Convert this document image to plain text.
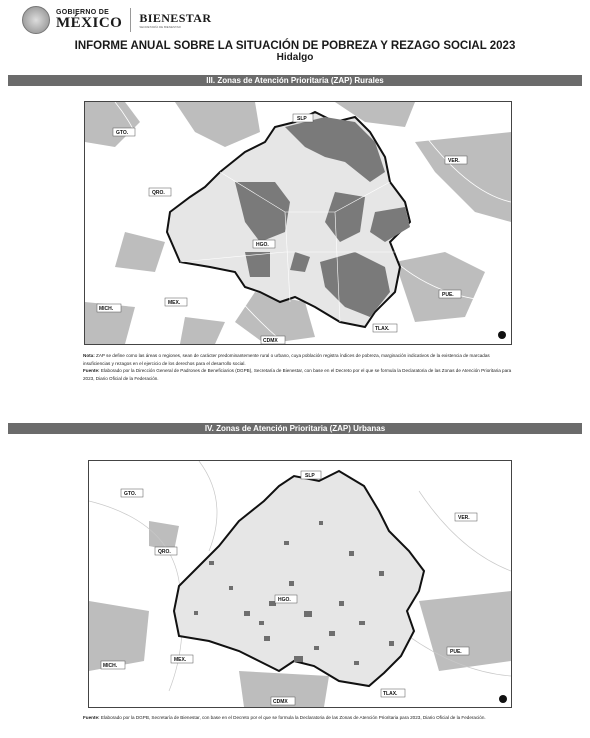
GOBIERNO DE
MÉXICO BIENESTAR
SECRETARÍA DE BIENESTAR
INFORME ANUAL SOBRE LA SITUACIÓN DE POBREZA Y REZAGO SOCIAL 2023
Hidalgo
III. Zonas de Atención Prioritaria (ZAP) Rurales
GTO.
SLP
VER.
QRO.
HGO.
MEX.
MICH.
PUE.
CDMX
TLAX.
Nota: ZAP se define como las áreas o regiones, sean de carácter predominantemente rural o urbano, cuya población registra índices de pobreza, marginación indicativos de la existencia de marcadas insuficiencias y rezagos en el ejercicio de los derechos para el desarrollo social.
Fuente: Elaborado por la Dirección General de Padrones de Beneficiarios (DGPB), Secretaría de Bienestar, con base en el Decreto por el que se formula la Declaratoria de las Zonas de Atención Prioritaria para 2023, Diario Oficial de la Federación.
IV. Zonas de Atención Prioritaria (ZAP) Urbanas
GTO.
SLP
VER.
QRO.
HGO.
MEX.
MICH.
PUE.
CDMX
TLAX.
Fuente: Elaborado por la DGPB, Secretaría de Bienestar, con base en el Decreto por el que se formula la Declaratoria de las Zonas de Atención Prioritaria para 2023, Diario Oficial de la Federación.
